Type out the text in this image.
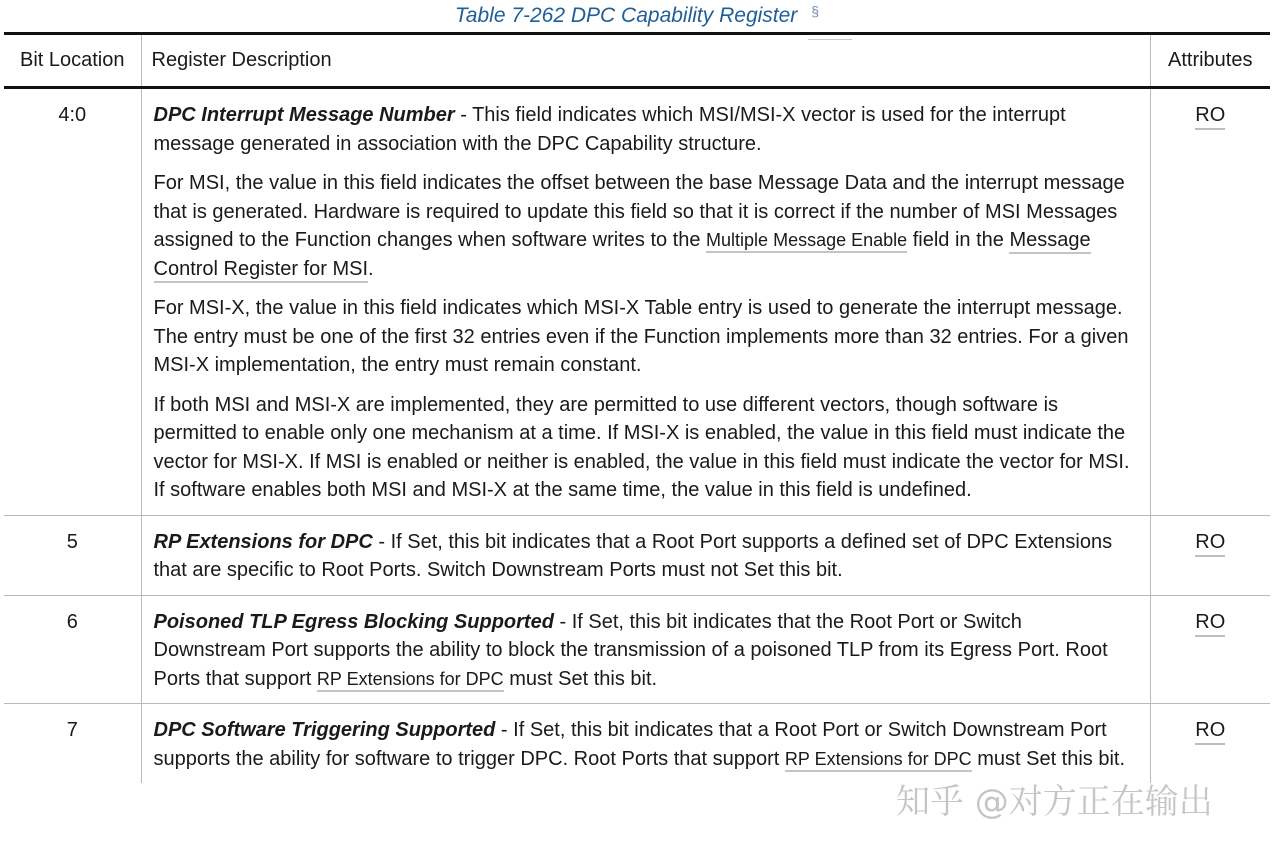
Table 7-262 DPC Capability Register §
Bit Location	Register Description	Attributes
4:0	DPC Interrupt Message Number - This field indicates which MSI/MSI-X vector is used for the interrupt message generated in association with the DPC Capability structure.

For MSI, the value in this field indicates the offset between the base Message Data and the interrupt message that is generated. Hardware is required to update this field so that it is correct if the number of MSI Messages assigned to the Function changes when software writes to the Multiple Message Enable field in the Message Control Register for MSI.

For MSI-X, the value in this field indicates which MSI-X Table entry is used to generate the interrupt message. The entry must be one of the first 32 entries even if the Function implements more than 32 entries. For a given MSI-X implementation, the entry must remain constant.

If both MSI and MSI-X are implemented, they are permitted to use different vectors, though software is permitted to enable only one mechanism at a time. If MSI-X is enabled, the value in this field must indicate the vector for MSI-X. If MSI is enabled or neither is enabled, the value in this field must indicate the vector for MSI. If software enables both MSI and MSI-X at the same time, the value in this field is undefined.	RO
5	RP Extensions for DPC - If Set, this bit indicates that a Root Port supports a defined set of DPC Extensions that are specific to Root Ports. Switch Downstream Ports must not Set this bit.	RO
6	Poisoned TLP Egress Blocking Supported - If Set, this bit indicates that the Root Port or Switch Downstream Port supports the ability to block the transmission of a poisoned TLP from its Egress Port. Root Ports that support RP Extensions for DPC must Set this bit.	RO
7	DPC Software Triggering Supported - If Set, this bit indicates that a Root Port or Switch Downstream Port supports the ability for software to trigger DPC. Root Ports that support RP Extensions for DPC must Set this bit.	RO
知乎 @对方正在输出
